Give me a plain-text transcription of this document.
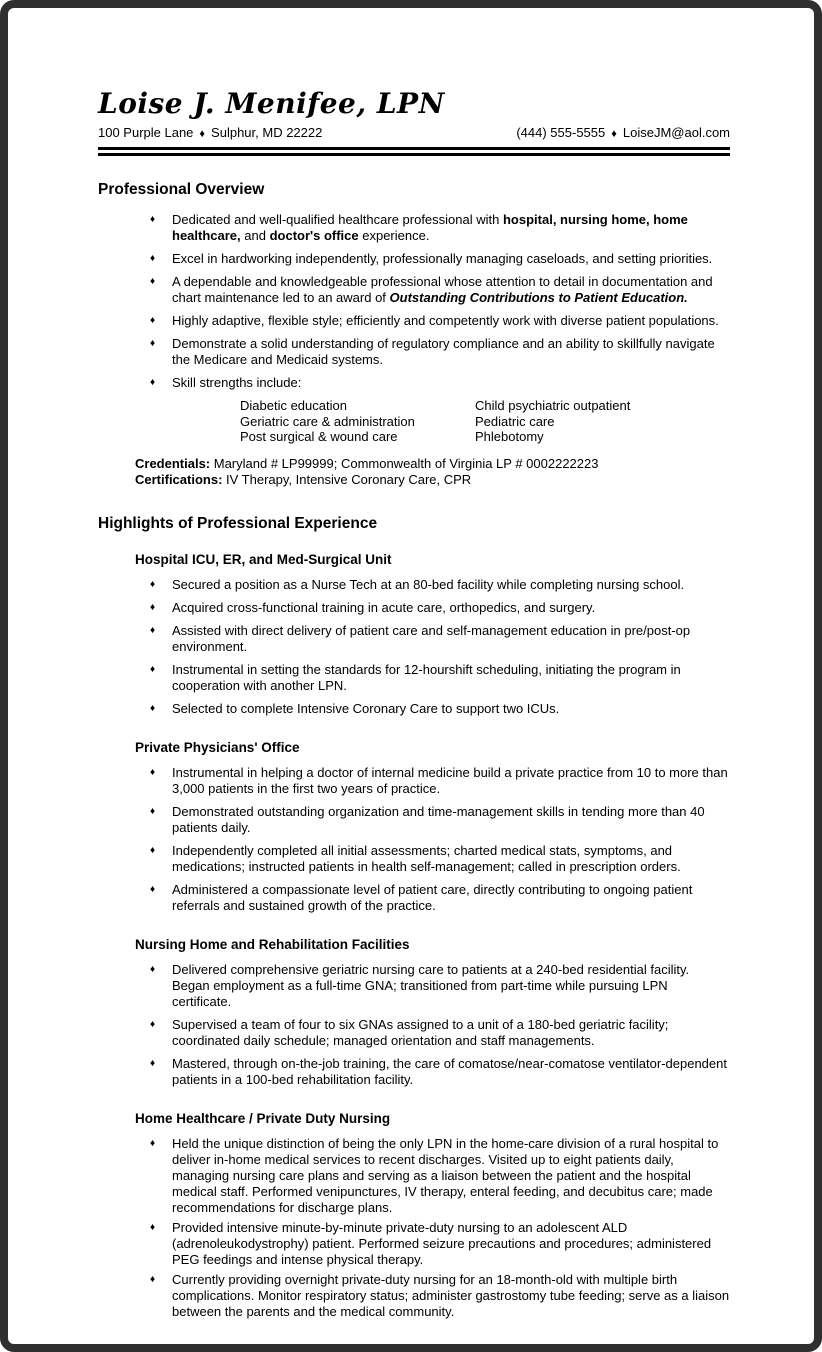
Loise J. Menifee, LPN
100 Purple Lane ♦ Sulphur, MD 22222	(444) 555-5555 ♦ LoiseJM@aol.com
Professional Overview
♦	Dedicated and well-qualified healthcare professional with hospital, nursing home, home healthcare, and doctor's office experience.
♦	Excel in hardworking independently, professionally managing caseloads, and setting priorities.
♦	A dependable and knowledgeable professional whose attention to detail in documentation and chart maintenance led to an award of Outstanding Contributions to Patient Education.
♦	Highly adaptive, flexible style; efficiently and competently work with diverse patient populations.
♦	Demonstrate a solid understanding of regulatory compliance and an ability to skillfully navigate the Medicare and Medicaid systems.
♦	Skill strengths include:
Diabetic education	Child psychiatric outpatient
Geriatric care & administration	Pediatric care
Post surgical & wound care	Phlebotomy
Credentials: Maryland # LP99999; Commonwealth of Virginia LP # 0002222223
Certifications: IV Therapy, Intensive Coronary Care, CPR
Highlights of Professional Experience
Hospital ICU, ER, and Med-Surgical Unit
♦	Secured a position as a Nurse Tech at an 80-bed facility while completing nursing school.
♦	Acquired cross-functional training in acute care, orthopedics, and surgery.
♦	Assisted with direct delivery of patient care and self-management education in pre/post-op environment.
♦	Instrumental in setting the standards for 12-hourshift scheduling, initiating the program in cooperation with another LPN.
♦	Selected to complete Intensive Coronary Care to support two ICUs.
Private Physicians' Office
♦	Instrumental in helping a doctor of internal medicine build a private practice from 10 to more than 3,000 patients in the first two years of practice.
♦	Demonstrated outstanding organization and time-management skills in tending more than 40 patients daily.
♦	Independently completed all initial assessments; charted medical stats, symptoms, and medications; instructed patients in health self-management; called in prescription orders.
♦	Administered a compassionate level of patient care, directly contributing to ongoing patient referrals and sustained growth of the practice.
Nursing Home and Rehabilitation Facilities
♦	Delivered comprehensive geriatric nursing care to patients at a 240-bed residential facility. Began employment as a full-time GNA; transitioned from part-time while pursuing LPN certificate.
♦	Supervised a team of four to six GNAs assigned to a unit of a 180-bed geriatric facility; coordinated daily schedule; managed orientation and staff managements.
♦	Mastered, through on-the-job training, the care of comatose/near-comatose ventilator-dependent patients in a 100-bed rehabilitation facility.
Home Healthcare / Private Duty Nursing
♦	Held the unique distinction of being the only LPN in the home-care division of a rural hospital to deliver in-home medical services to recent discharges. Visited up to eight patients daily, managing nursing care plans and serving as a liaison between the patient and the hospital medical staff. Performed venipunctures, IV therapy, enteral feeding, and decubitus care; made recommendations for discharge plans.
♦	Provided intensive minute-by-minute private-duty nursing to an adolescent ALD (adrenoleukodystrophy) patient. Performed seizure precautions and procedures; administered PEG feedings and intense physical therapy.
♦	Currently providing overnight private-duty nursing for an 18-month-old with multiple birth complications. Monitor respiratory status; administer gastrostomy tube feeding; serve as a liaison between the parents and the medical community.
